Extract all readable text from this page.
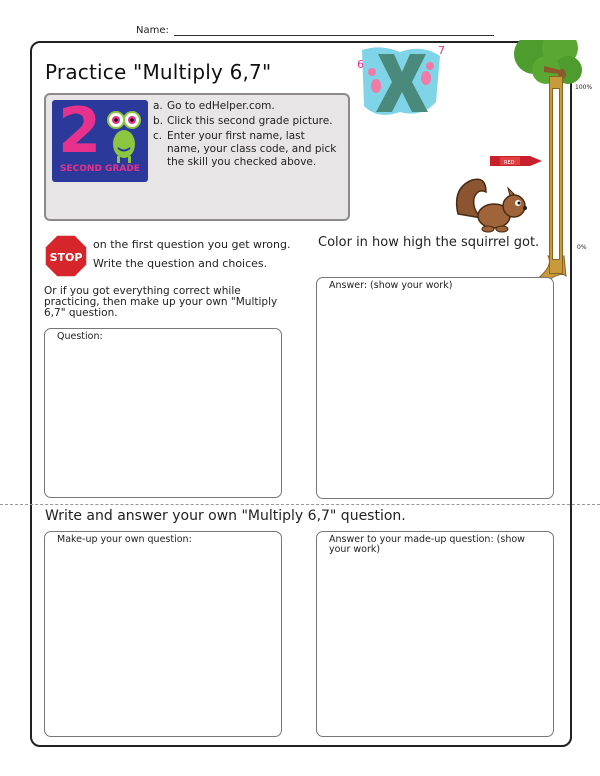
Name:
Practice "Multiply 6,7"
2
SECOND GRADE
a. Go to edHelper.com.
b. Click this second grade picture.
c. Enter your first name, last name, your class code, and pick the skill you checked above.
6
7
100%
0%
RED
STOP
on the first question you get wrong.
Write the question and choices.
Or if you got everything correct while practicing, then make up your own "Multiply 6,7" question.
Color in how high the squirrel got.
Question:
Answer: (show your work)
Write and answer your own "Multiply 6,7" question.
Make-up your own question:	Answer to your made-up question: (show your work)
